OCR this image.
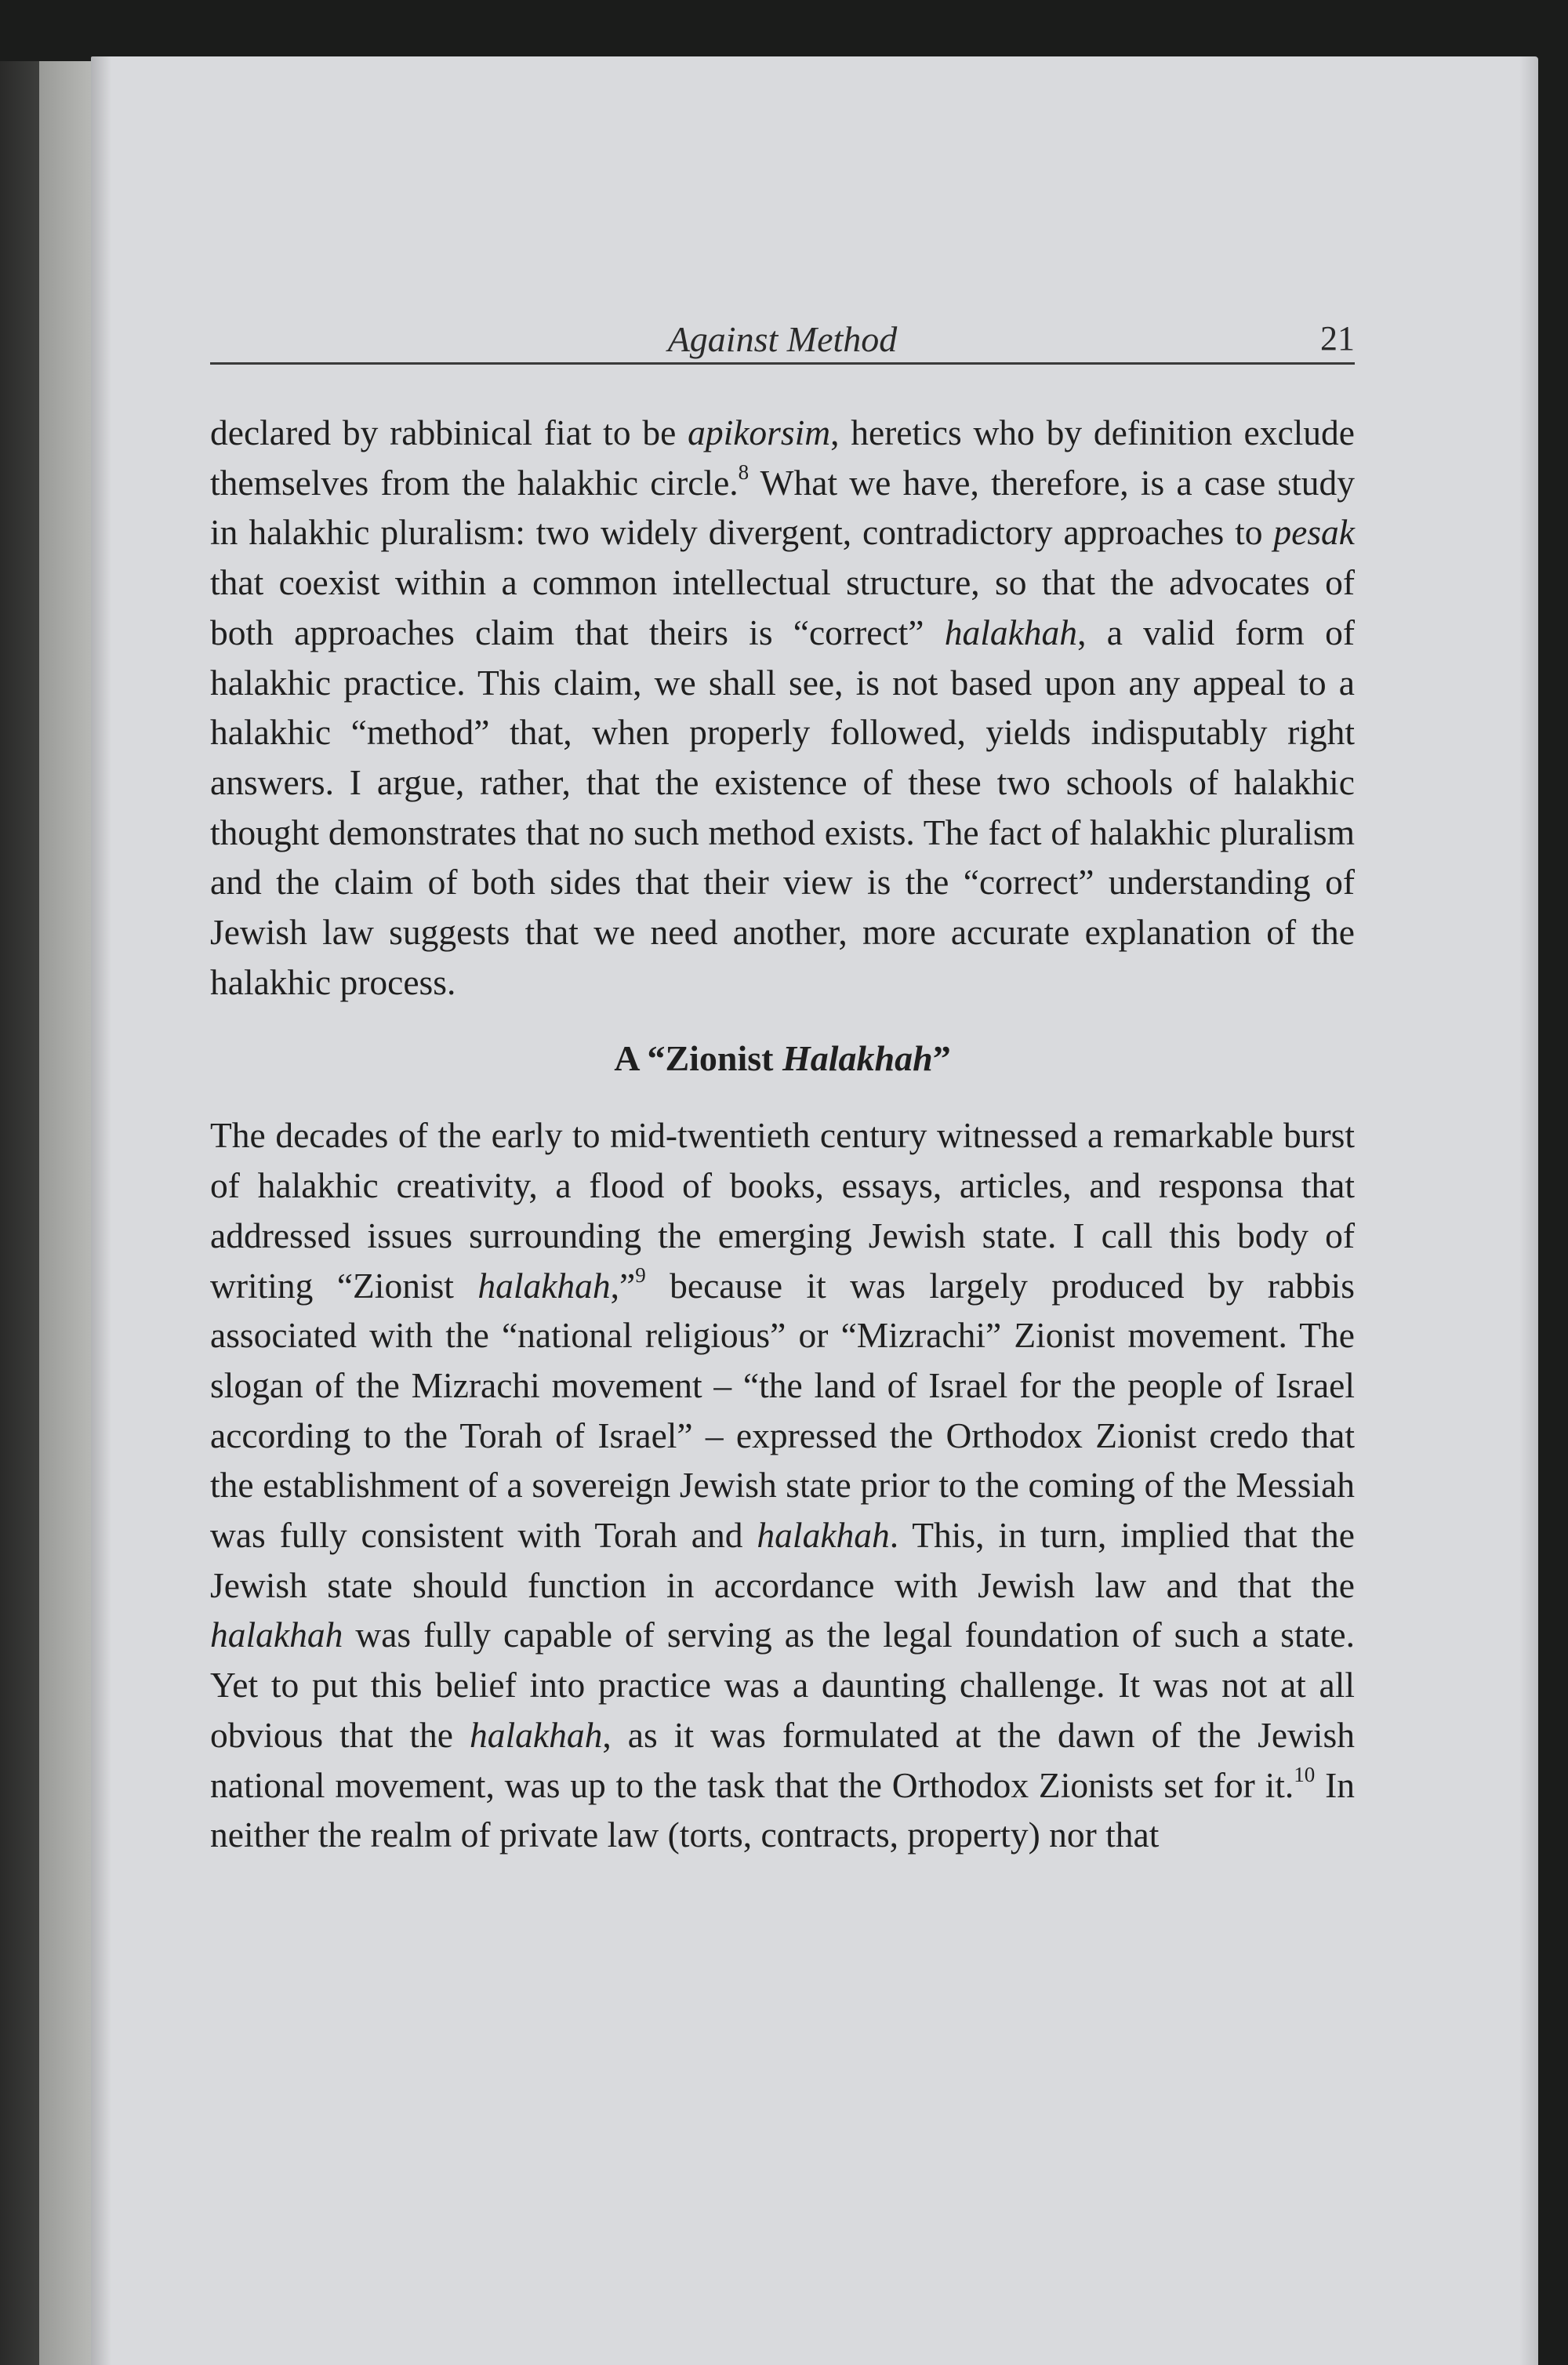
Against Method	21

declared by rabbinical fiat to be apikorsim, heretics who by definition exclude themselves from the halakhic circle.$^8$ What we have, therefore, is a case study in halakhic pluralism: two widely divergent, contradictory approaches to pesak that coexist within a common intellectual structure, so that the advocates of both approaches claim that theirs is “correct” halakhah, a valid form of halakhic practice. This claim, we shall see, is not based upon any appeal to a halakhic “method” that, when properly followed, yields indisputably right answers. I argue, rather, that the existence of these two schools of halakhic thought demonstrates that no such method exists. The fact of halakhic pluralism and the claim of both sides that their view is the “correct” understanding of Jewish law suggests that we need another, more accurate explanation of the halakhic process.

A “Zionist Halakhah”

The decades of the early to mid-twentieth century witnessed a remarkable burst of halakhic creativity, a flood of books, essays, articles, and responsa that addressed issues surrounding the emerging Jewish state. I call this body of writing “Zionist halakhah,”$^9$ because it was largely produced by rabbis associated with the “national religious” or “Mizrachi” Zionist movement. The slogan of the Mizrachi movement – “the land of Israel for the people of Israel according to the Torah of Israel” – expressed the Orthodox Zionist credo that the establishment of a sovereign Jewish state prior to the coming of the Messiah was fully consistent with Torah and halakhah. This, in turn, implied that the Jewish state should function in accordance with Jewish law and that the halakhah was fully capable of serving as the legal foundation of such a state. Yet to put this belief into practice was a daunting challenge. It was not at all obvious that the halakhah, as it was formulated at the dawn of the Jewish national movement, was up to the task that the Orthodox Zionists set for it.$^{10}$ In neither the realm of private law (torts, contracts, property) nor that
